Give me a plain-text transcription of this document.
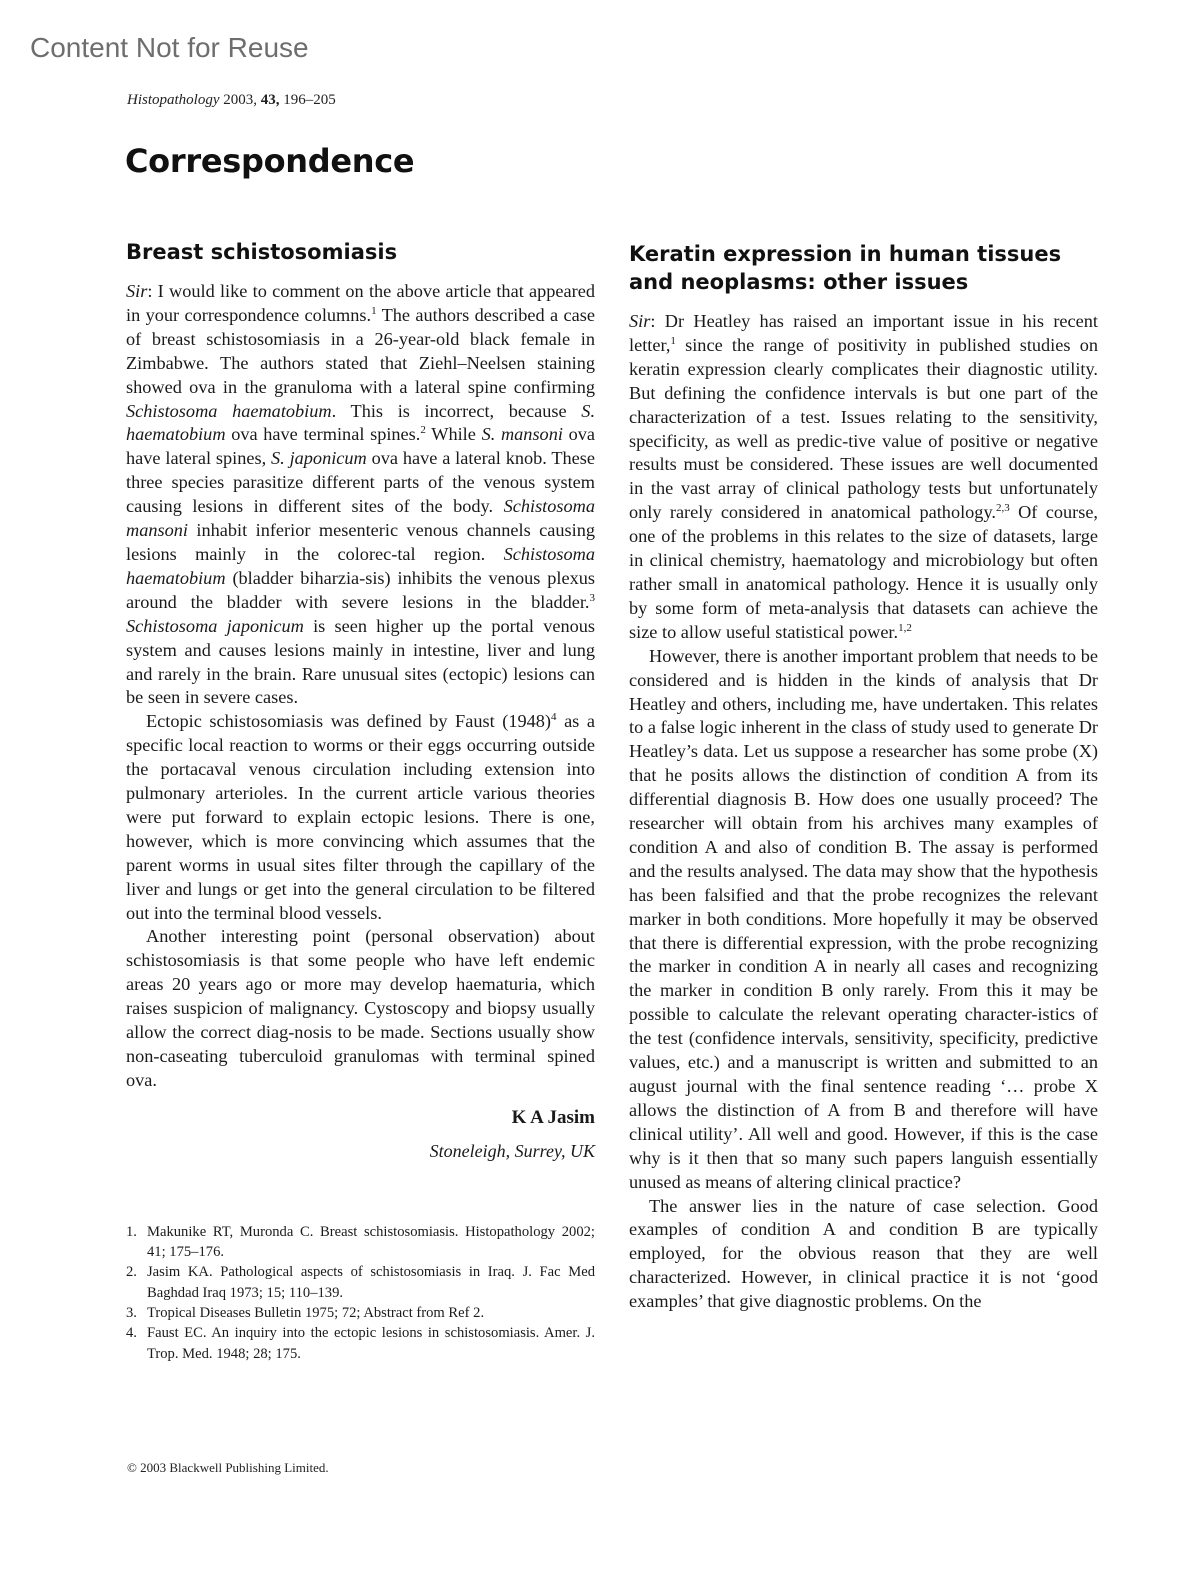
Content Not for Reuse
Histopathology 2003, 43, 196–205
Correspondence
Breast schistosomiasis

Sir: I would like to comment on the above article that appeared in your correspondence columns.$^1$ The authors described a case of breast schistosomiasis in a 26-year-old black female in Zimbabwe. The authors stated that Ziehl–Neelsen staining showed ova in the granuloma with a lateral spine confirming Schistosoma haematobium. This is incorrect, because S. haematobium ova have terminal spines.$^2$ While S. mansoni ova have lateral spines, S. japonicum ova have a lateral knob. These three species parasitize different parts of the venous system causing lesions in different sites of the body. Schistosoma mansoni inhabit inferior mesenteric venous channels causing lesions mainly in the colorec-tal region. Schistosoma haematobium (bladder biharzia-sis) inhibits the venous plexus around the bladder with severe lesions in the bladder.$^3$ Schistosoma japonicum is seen higher up the portal venous system and causes lesions mainly in intestine, liver and lung and rarely in the brain. Rare unusual sites (ectopic) lesions can be seen in severe cases.

Ectopic schistosomiasis was defined by Faust $(1948)^4$ as a specific local reaction to worms or their eggs occurring outside the portacaval venous circulation including extension into pulmonary arterioles. In the current article various theories were put forward to explain ectopic lesions. There is one, however, which is more convincing which assumes that the parent worms in usual sites filter through the capillary of the liver and lungs or get into the general circulation to be filtered out into the terminal blood vessels.

Another interesting point (personal observation) about schistosomiasis is that some people who have left endemic areas 20 years ago or more may develop haematuria, which raises suspicion of malignancy. Cystoscopy and biopsy usually allow the correct diag-nosis to be made. Sections usually show non-caseating tuberculoid granulomas with terminal spined ova.

K A Jasim
Stoneleigh, Surrey, UK
1. Makunike RT, Muronda C. Breast schistosomiasis. Histopathology 2002; 41; 175–176.
2. Jasim KA. Pathological aspects of schistosomiasis in Iraq. J. Fac Med Baghdad Iraq 1973; 15; 110–139.
3. Tropical Diseases Bulletin 1975; 72; Abstract from Ref 2.
4. Faust EC. An inquiry into the ectopic lesions in schistosomiasis. Amer. J. Trop. Med. 1948; 28; 175.
Keratin expression in human tissues and neoplasms: other issues

Sir: Dr Heatley has raised an important issue in his recent letter,$^1$ since the range of positivity in published studies on keratin expression clearly complicates their diagnostic utility. But defining the confidence intervals is but one part of the characterization of a test. Issues relating to the sensitivity, specificity, as well as predic-tive value of positive or negative results must be considered. These issues are well documented in the vast array of clinical pathology tests but unfortunately only rarely considered in anatomical pathology.$^{2,3}$ Of course, one of the problems in this relates to the size of datasets, large in clinical chemistry, haematology and microbiology but often rather small in anatomical pathology. Hence it is usually only by some form of meta-analysis that datasets can achieve the size to allow useful statistical power.$^{1,2}$

However, there is another important problem that needs to be considered and is hidden in the kinds of analysis that Dr Heatley and others, including me, have undertaken. This relates to a false logic inherent in the class of study used to generate Dr Heatley’s data. Let us suppose a researcher has some probe (X) that he posits allows the distinction of condition A from its differential diagnosis B. How does one usually proceed? The researcher will obtain from his archives many examples of condition A and also of condition B. The assay is performed and the results analysed. The data may show that the hypothesis has been falsified and that the probe recognizes the relevant marker in both conditions. More hopefully it may be observed that there is differential expression, with the probe recognizing the marker in condition A in nearly all cases and recognizing the marker in condition B only rarely. From this it may be possible to calculate the relevant operating character-istics of the test (confidence intervals, sensitivity, specificity, predictive values, etc.) and a manuscript is written and submitted to an august journal with the final sentence reading ‘… probe X allows the distinction of A from B and therefore will have clinical utility’. All well and good. However, if this is the case why is it then that so many such papers languish essentially unused as means of altering clinical practice?

The answer lies in the nature of case selection. Good examples of condition A and condition B are typically employed, for the obvious reason that they are well characterized. However, in clinical practice it is not ‘good examples’ that give diagnostic problems. On the

© 2003 Blackwell Publishing Limited.
